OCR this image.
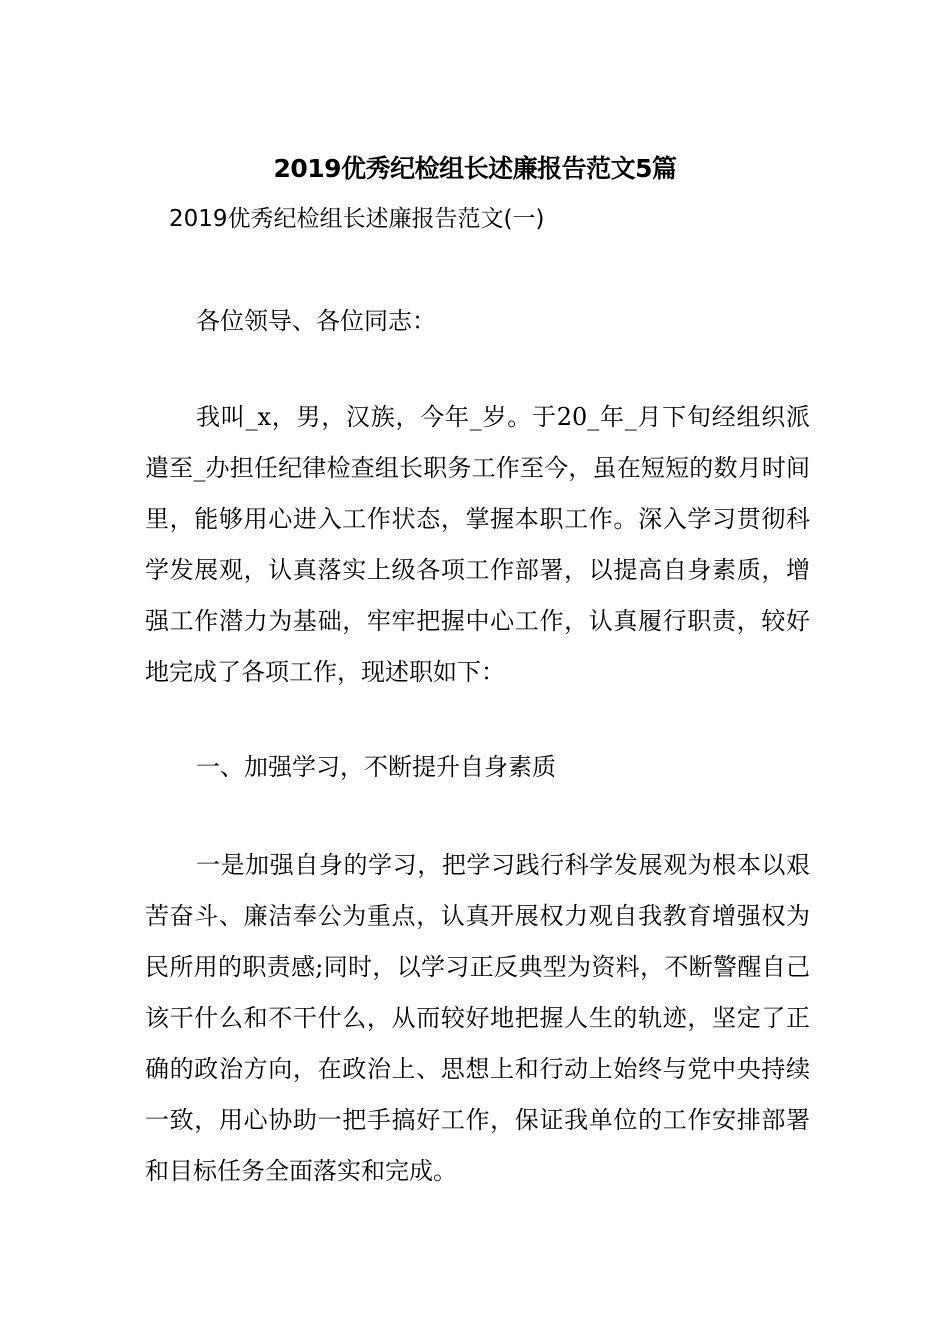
2019优秀纪检组长述廉报告范文5篇
2019优秀纪检组长述廉报告范文(一)

各位领导、各位同志：

我叫_x，男，汉族，今年_岁。于20_年_月下旬经组织派遣至_办担任纪律检查组长职务工作至今，虽在短短的数月时间里，能够用心进入工作状态，掌握本职工作。深入学习贯彻科学发展观，认真落实上级各项工作部署，以提高自身素质，增强工作潜力为基础，牢牢把握中心工作，认真履行职责，较好地完成了各项工作，现述职如下：

一、加强学习，不断提升自身素质

一是加强自身的学习，把学习践行科学发展观为根本以艰苦奋斗、廉洁奉公为重点，认真开展权力观自我教育增强权为民所用的职责感;同时，以学习正反典型为资料，不断警醒自己该干什么和不干什么，从而较好地把握人生的轨迹，坚定了正确的政治方向，在政治上、思想上和行动上始终与党中央持续一致，用心协助一把手搞好工作，保证我单位的工作安排部署和目标任务全面落实和完成。
